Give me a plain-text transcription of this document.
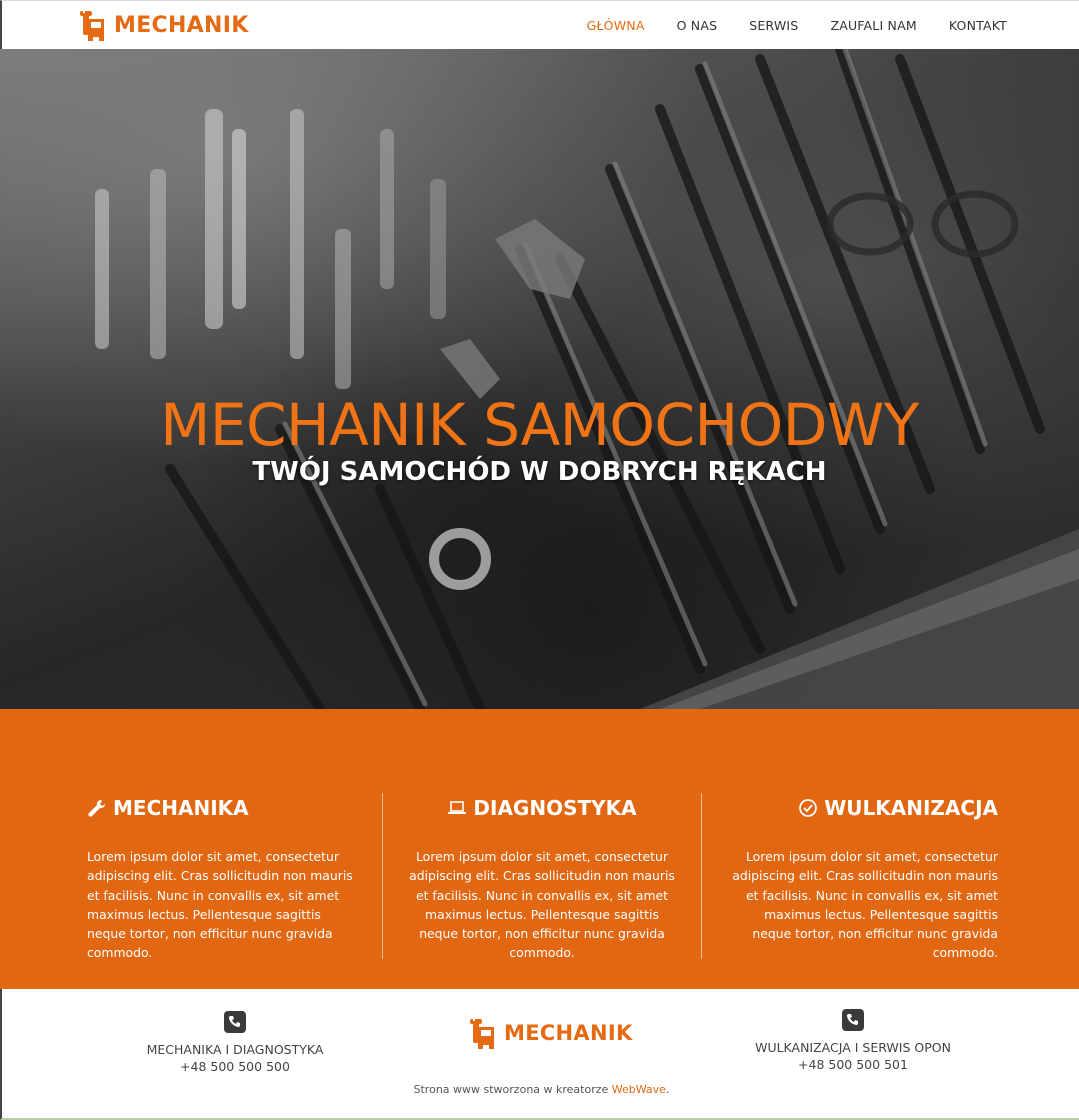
MECHANIK	GŁÓWNA	O NAS	SERWIS	ZAUFALI NAM	KONTAKT
MECHANIK SAMOCHODWY
TWÓJ SAMOCHÓD W DOBRYCH RĘKACH
MECHANIKA
Lorem ipsum dolor sit amet, consectetur adipiscing elit. Cras sollicitudin non mauris et facilisis. Nunc in convallis ex, sit amet maximus lectus. Pellentesque sagittis neque tortor, non efficitur nunc gravida commodo.
DIAGNOSTYKA
Lorem ipsum dolor sit amet, consectetur adipiscing elit. Cras sollicitudin non mauris et facilisis. Nunc in convallis ex, sit amet maximus lectus. Pellentesque sagittis neque tortor, non efficitur nunc gravida commodo.
WULKANIZACJA
Lorem ipsum dolor sit amet, consectetur adipiscing elit. Cras sollicitudin non mauris et facilisis. Nunc in convallis ex, sit amet maximus lectus. Pellentesque sagittis neque tortor, non efficitur nunc gravida commodo.
MECHANIKA I DIAGNOSTYKA
+48 500 500 500
MECHANIK
WULKANIZACJA I SERWIS OPON
+48 500 500 501
Strona www stworzona w kreatorze WebWave.
